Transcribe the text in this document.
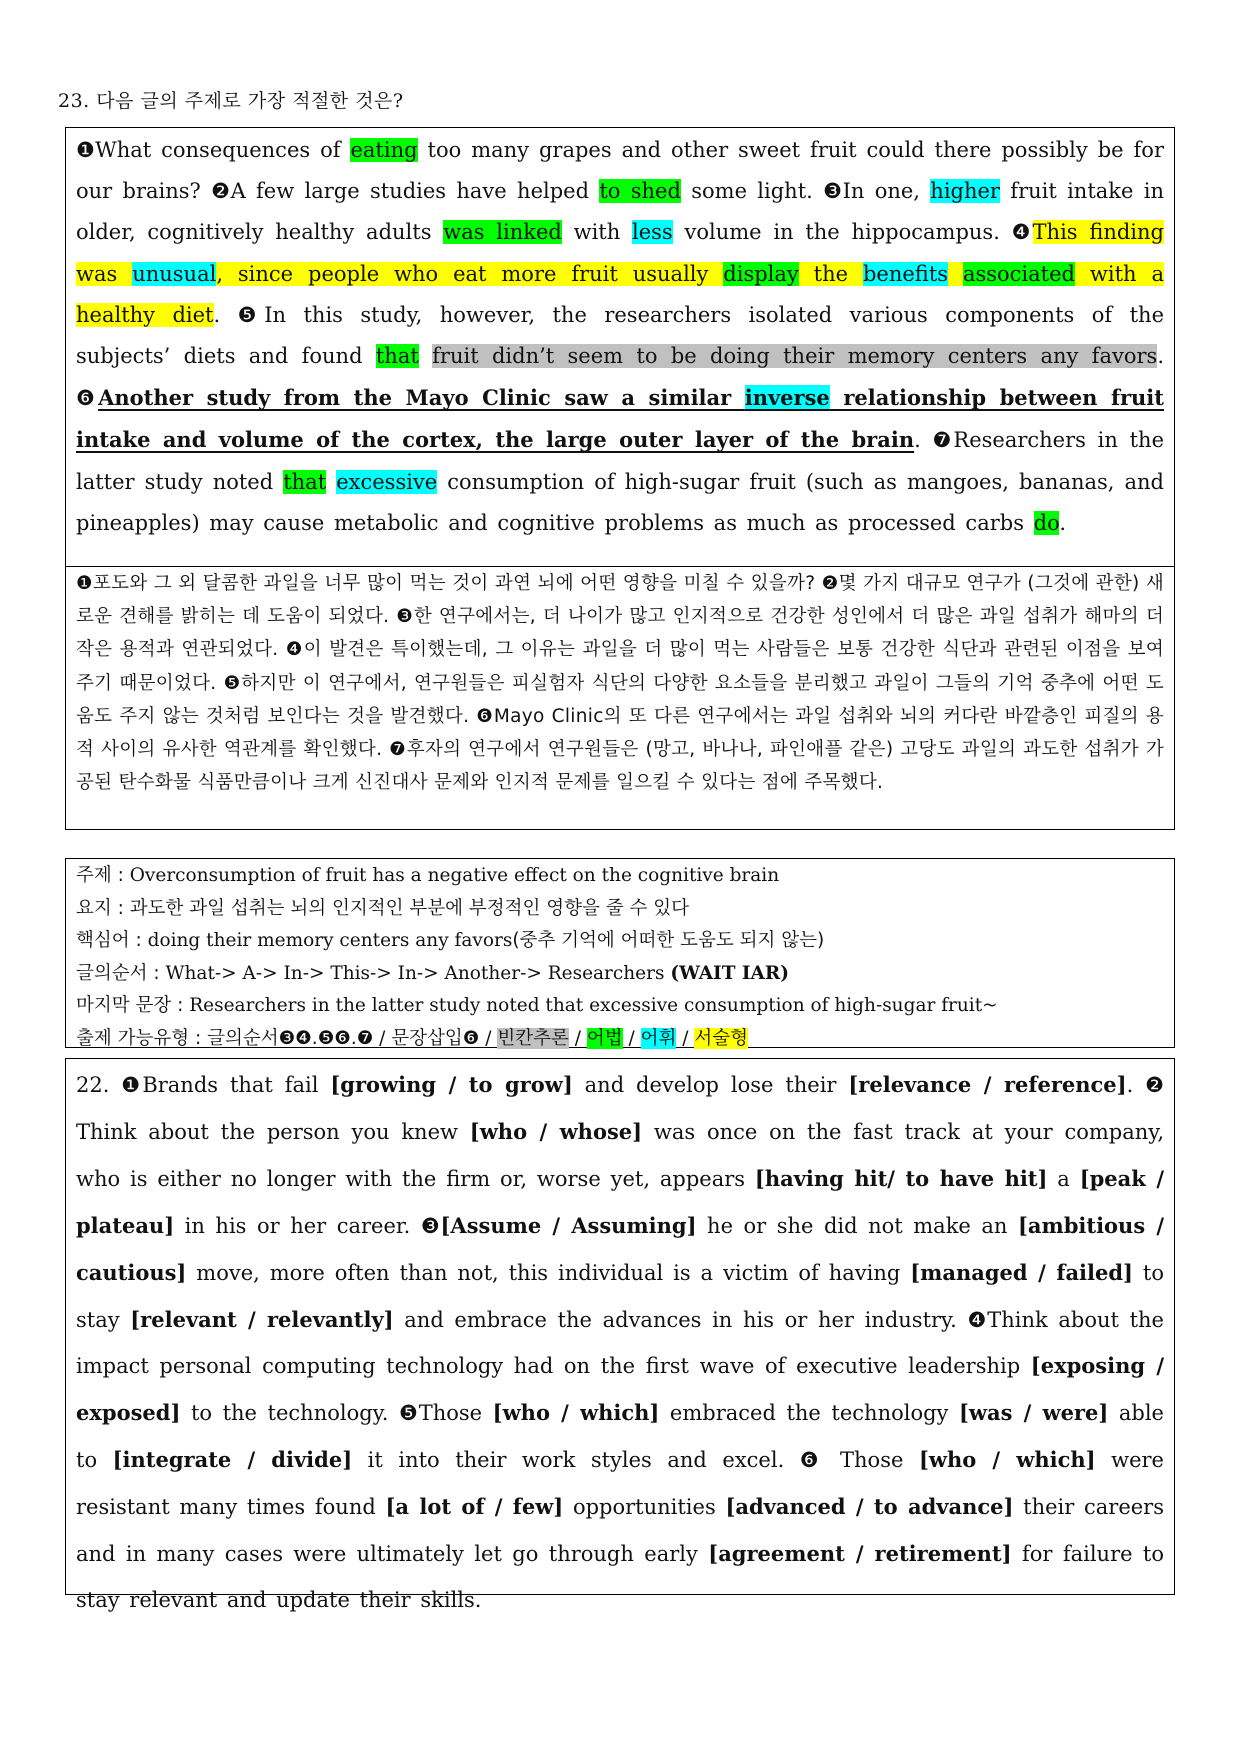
23. 다음 글의 주제로 가장 적절한 것은?
❶What consequences of eating too many grapes and other sweet fruit could there possibly be for our brains? ❷A few large studies have helped to shed some light. ❸In one, higher fruit intake in older, cognitively healthy adults was linked with less volume in the hippocampus. ❹This finding was unusual, since people who eat more fruit usually display the benefits associated with a healthy diet. ❺In this study, however, the researchers isolated various components of the subjects’ diets and found that fruit didn’t seem to be doing their memory centers any favors. ❻Another study from the Mayo Clinic saw a similar inverse relationship between fruit intake and volume of the cortex, the large outer layer of the brain. ❼Researchers in the latter study noted that excessive consumption of high-sugar fruit (such as mangoes, bananas, and pineapples) may cause metabolic and cognitive problems as much as processed carbs do.
❶포도와 그 외 달콤한 과일을 너무 많이 먹는 것이 과연 뇌에 어떤 영향을 미칠 수 있을까? ❷몇 가지 대규모 연구가 (그것에 관한) 새로운 견해를 밝히는 데 도움이 되었다. ❸한 연구에서는, 더 나이가 많고 인지적으로 건강한 성인에서 더 많은 과일 섭취가 해마의 더 작은 용적과 연관되었다. ❹이 발견은 특이했는데, 그 이유는 과일을 더 많이 먹는 사람들은 보통 건강한 식단과 관련된 이점을 보여 주기 때문이었다. ❺하지만 이 연구에서, 연구원들은 피실험자 식단의 다양한 요소들을 분리했고 과일이 그들의 기억 중추에 어떤 도움도 주지 않는 것처럼 보인다는 것을 발견했다. ❻Mayo Clinic의 또 다른 연구에서는 과일 섭취와 뇌의 커다란 바깥층인 피질의 용적 사이의 유사한 역관계를 확인했다. ❼후자의 연구에서 연구원들은 (망고, 바나나, 파인애플 같은) 고당도 과일의 과도한 섭취가 가공된 탄수화물 식품만큼이나 크게 신진대사 문제와 인지적 문제를 일으킬 수 있다는 점에 주목했다.
주제 : Overconsumption of fruit has a negative effect on the cognitive brain
요지 : 과도한 과일 섭취는 뇌의 인지적인 부분에 부정적인 영향을 줄 수 있다
핵심어 : doing their memory centers any favors(중추 기억에 어떠한 도움도 되지 않는)
글의순서 : What-> A-> In-> This-> In-> Another-> Researchers (WAIT IAR)
마지막 문장 : Researchers in the latter study noted that excessive consumption of high-sugar fruit~
출제 가능유형 : 글의순서❸❹.❺❻.❼ / 문장삽입❻ / 빈칸추론 / 어법 / 어휘 / 서술형
22. ❶Brands that fail [growing / to grow] and develop lose their [relevance / reference]. ❷ Think about the person you knew [who / whose] was once on the fast track at your company, who is either no longer with the firm or, worse yet, appears [having hit/ to have hit] a [peak / plateau] in his or her career. ❸[Assume / Assuming] he or she did not make an [ambitious / cautious] move, more often than not, this individual is a victim of having [managed / failed] to stay [relevant / relevantly] and embrace the advances in his or her industry. ❹Think about the impact personal computing technology had on the first wave of executive leadership [exposing / exposed] to the technology. ❺Those [who / which] embraced the technology [was / were] able to [integrate / divide] it into their work styles and excel. ❻ Those [who / which] were resistant many times found [a lot of / few] opportunities [advanced / to advance] their careers and in many cases were ultimately let go through early [agreement / retirement] for failure to stay relevant and update their skills.
